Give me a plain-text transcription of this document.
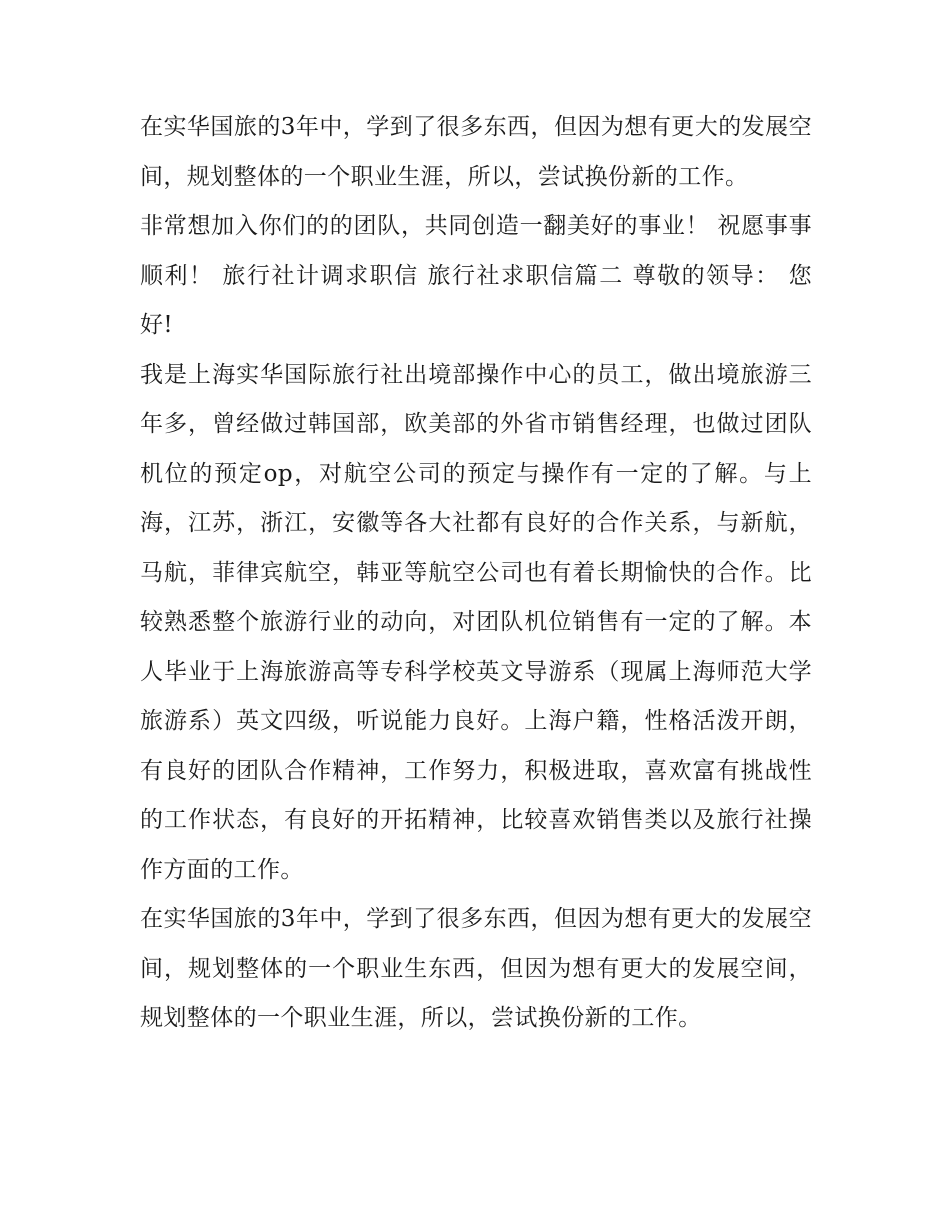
在实华国旅的3年中，学到了很多东西，但因为想有更大的发展空间，规划整体的一个职业生涯，所以，尝试换份新的工作。

非常想加入你们的的团队，共同创造一翻美好的事业！ 祝愿事事顺利！ 旅行社计调求职信 旅行社求职信篇二 尊敬的领导： 您好!

我是上海实华国际旅行社出境部操作中心的员工，做出境旅游三年多，曾经做过韩国部，欧美部的外省市销售经理，也做过团队机位的预定op，对航空公司的预定与操作有一定的了解。与上海，江苏，浙江，安徽等各大社都有良好的合作关系，与新航，马航，菲律宾航空，韩亚等航空公司也有着长期愉快的合作。比较熟悉整个旅游行业的动向，对团队机位销售有一定的了解。本人毕业于上海旅游高等专科学校英文导游系（现属上海师范大学旅游系）英文四级，听说能力良好。上海户籍，性格活泼开朗，有良好的团队合作精神，工作努力，积极进取，喜欢富有挑战性的工作状态，有良好的开拓精神，比较喜欢销售类以及旅行社操作方面的工作。

在实华国旅的3年中，学到了很多东西，但因为想有更大的发展空间，规划整体的一个职业生东西，但因为想有更大的发展空间，规划整体的一个职业生涯，所以，尝试换份新的工作。
